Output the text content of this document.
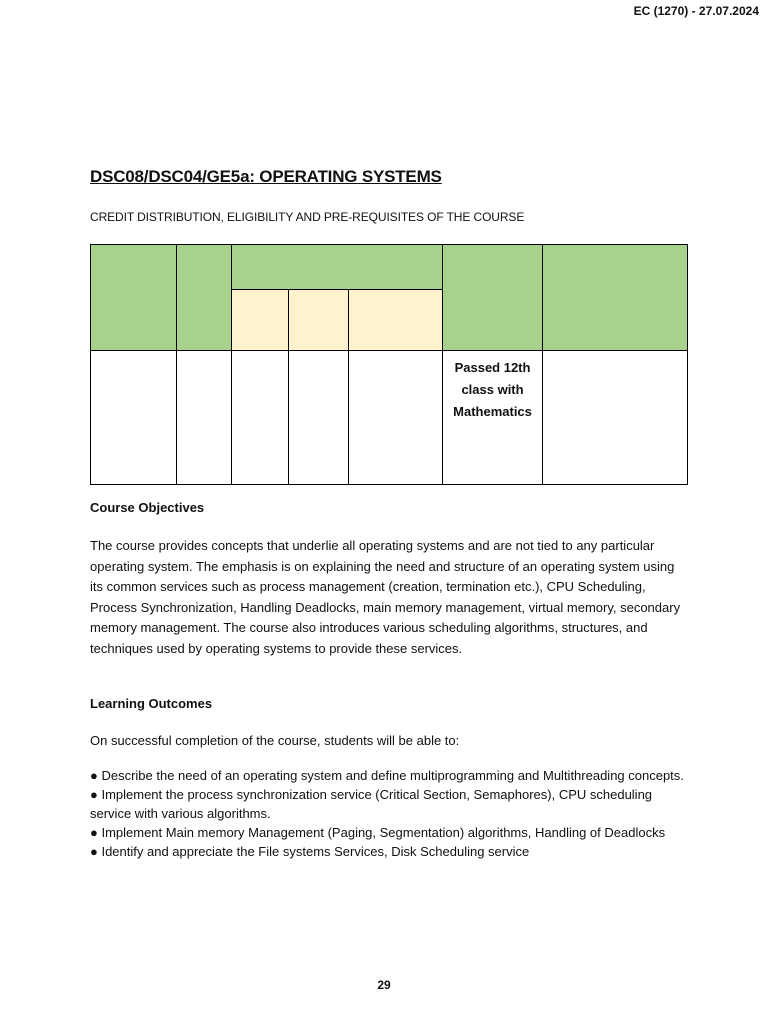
EC (1270) - 27.07.2024
DSC08/DSC04/GE5a: OPERATING SYSTEMS
CREDIT DISTRIBUTION, ELIGIBILITY AND PRE-REQUISITES OF THE COURSE

					Passed 12th class with Mathematics	

Course Objectives
The course provides concepts that underlie all operating systems and are not tied to any particular operating system. The emphasis is on explaining the need and structure of an operating system using its common services such as process management (creation, termination etc.), CPU Scheduling, Process Synchronization, Handling Deadlocks, main memory management, virtual memory, secondary memory management. The course also introduces various scheduling algorithms, structures, and techniques used by operating systems to provide these services.
Learning Outcomes
On successful completion of the course, students will be able to:
● Describe the need of an operating system and define multiprogramming and Multithreading concepts.
● Implement the process synchronization service (Critical Section, Semaphores), CPU scheduling service with various algorithms.
● Implement Main memory Management (Paging, Segmentation) algorithms, Handling of Deadlocks
● Identify and appreciate the File systems Services, Disk Scheduling service
29
